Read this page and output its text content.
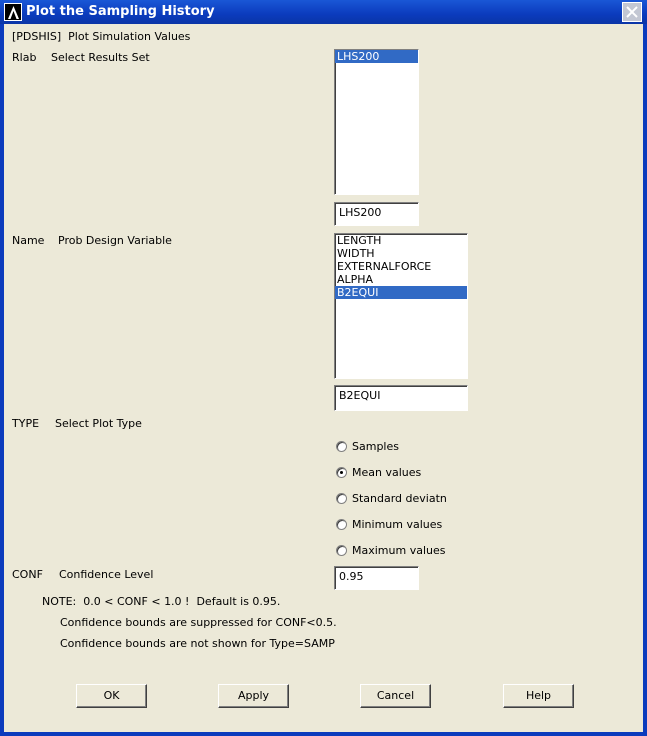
Plot the Sampling History
[PDSHIS]  Plot Simulation Values
Rlab Select Results Set	LHS200
LHS200
Name Prob Design Variable	LENGTH
WIDTH
EXTERNALFORCE
ALPHA
B2EQUI
B2EQUI
TYPE Select Plot Type
Samples
Mean values
Standard deviatn
Minimum values
Maximum values
CONF Confidence Level	0.95
NOTE:  0.0 < CONF < 1.0 !  Default is 0.95.
Confidence bounds are suppressed for CONF<0.5.
Confidence bounds are not shown for Type=SAMP
OK	Apply	Cancel	Help
